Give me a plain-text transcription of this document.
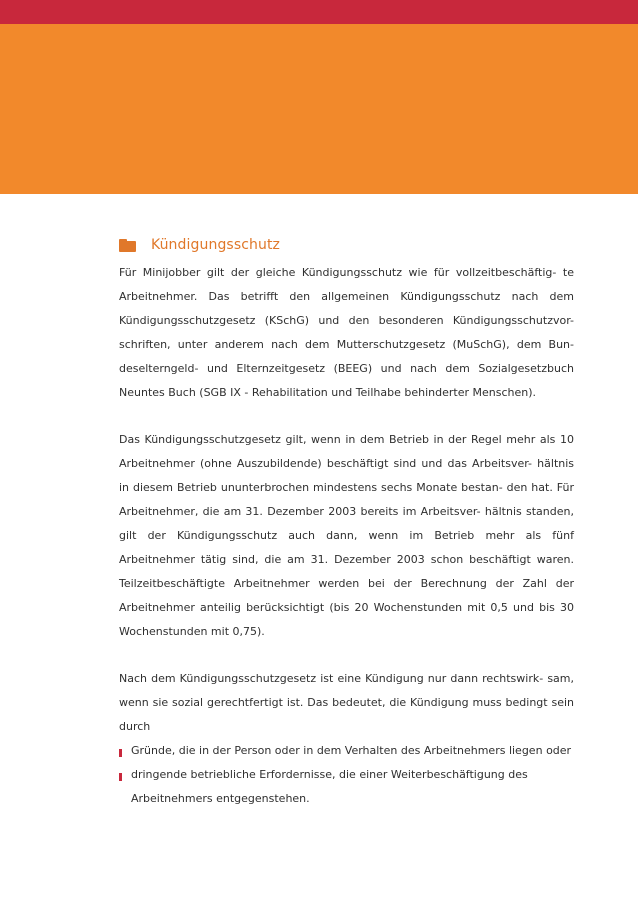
Kündigungsschutz

Für Minijobber gilt der gleiche Kündigungsschutz wie für vollzeitbeschäftig- te Arbeitnehmer. Das betrifft den allgemeinen Kündigungsschutz nach dem Kündigungsschutzgesetz (KSchG) und den besonderen Kündigungsschutzvor- schriften, unter anderem nach dem Mutterschutzgesetz (MuSchG), dem Bun- deselterngeld- und Elternzeitgesetz (BEEG) und nach dem Sozialgesetzbuch Neuntes Buch (SGB IX - Rehabilitation und Teilhabe behinderter Menschen).

Das Kündigungsschutzgesetz gilt, wenn in dem Betrieb in der Regel mehr als 10 Arbeitnehmer (ohne Auszubildende) beschäftigt sind und das Arbeitsver- hältnis in diesem Betrieb ununterbrochen mindestens sechs Monate bestan- den hat. Für Arbeitnehmer, die am 31. Dezember 2003 bereits im Arbeitsver- hältnis standen, gilt der Kündigungsschutz auch dann, wenn im Betrieb mehr als fünf Arbeitnehmer tätig sind, die am 31. Dezember 2003 schon beschäftigt waren. Teilzeitbeschäftigte Arbeitnehmer werden bei der Berechnung der Zahl der Arbeitnehmer anteilig berücksichtigt (bis 20 Wochenstunden mit 0,5 und bis 30 Wochenstunden mit 0,75).

Nach dem Kündigungsschutzgesetz ist eine Kündigung nur dann rechtswirk- sam, wenn sie sozial gerechtfertigt ist. Das bedeutet, die Kündigung muss bedingt sein durch

Gründe, die in der Person oder in dem Verhalten des Arbeitnehmers liegen oder
dringende betriebliche Erfordernisse, die einer Weiterbeschäftigung des Arbeitnehmers entgegenstehen.
